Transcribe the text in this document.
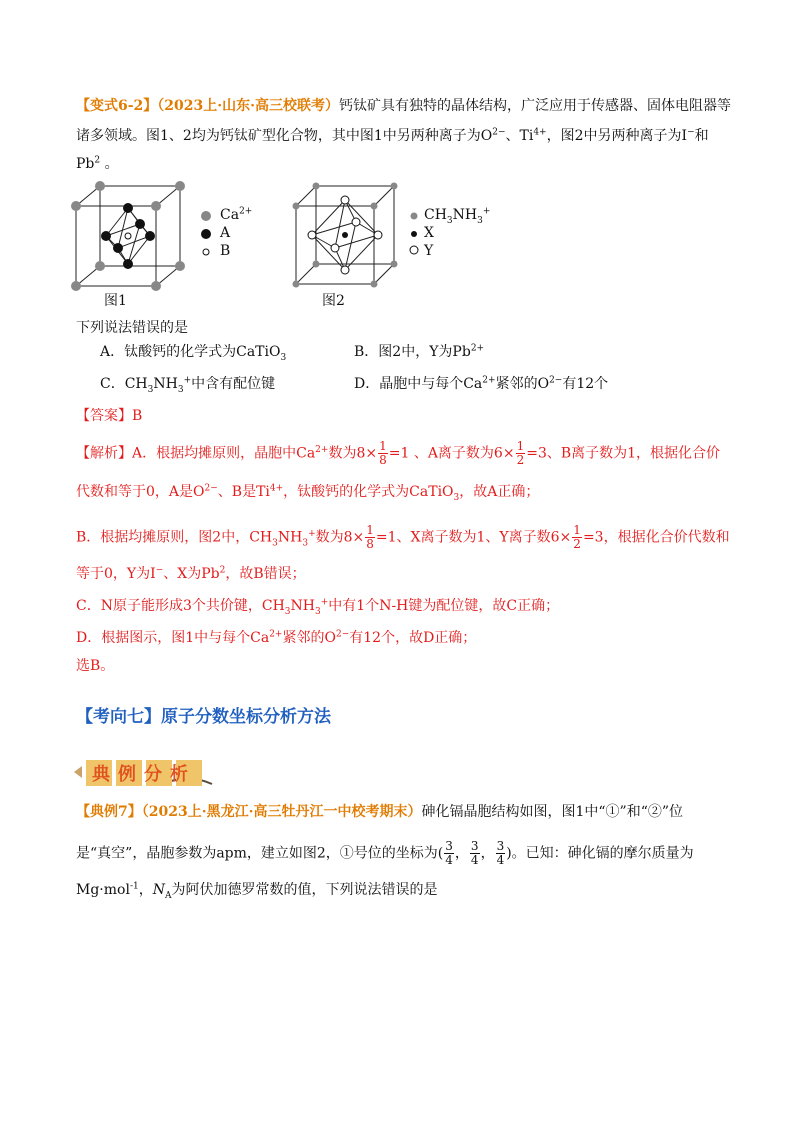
【变式6-2】（2023上·山东·高三校联考）钙钛矿具有独特的晶体结构，广泛应用于传感器、固体电阻器等
诸多领域。图1、2均为钙钛矿型化合物，其中图1中另两种离子为$O^{2-}$、$Ti^{4+}$，图2中另两种离子为I−和
Pb$^2$ 。
$Ca^{2+}$
A
B
图1
$CH_3NH_3^+$
X
Y
图2
下列说法错误的是
A．钛酸钙的化学式为CaTiO$_3$	B．图2中，Y为$Pb^{2+}$
C．$CH_3NH_3^+$中含有配位键	D．晶胞中与每个$Ca^{2+}$紧邻的$O^{2-}$有12个
【答案】B
【解析】A．根据均摊原则，晶胞中$Ca^{2+}$数为$8\times \frac{1}{8} =1$ 、A离子数为$6\times \frac{1}{2} =3$、B离子数为1，根据化合价
代数和等于0，A是$O^{2-}$、B是$Ti^{4+}$，钛酸钙的化学式为CaTiO$_3$，故A正确；
B．根据均摊原则，图2中，$CH_3NH_3^+$数为$8\times \frac{1}{8} =1$、X离子数为1、Y离子数$6\times \frac{1}{2} =3$，根据化合价代数和
等于0，Y为I−、X为Pb$^2$，故B错误；
C．N原子能形成3个共价键，$CH_3NH_3^+$中有1个N-H键为配位键，故C正确；
D．根据图示，图1中与每个$Ca^{2+}$紧邻的$O^{2-}$有12个，故D正确；
选B。
【考向七】原子分数坐标分析方法
典例分析
【典例7】（2023上·黑龙江·高三牡丹江一中校考期末）砷化镉晶胞结构如图，图1中“①”和“②”位
是“真空”，晶胞参数为apm，建立如图2，①号位的坐标为( $\frac{3}{4}$ ， $\frac{3}{4}$ ， $\frac{3}{4}$ )。已知：砷化镉的摩尔质量为
Mg·mol$^{-1}$，$N_A$为阿伏加德罗常数的值，下列说法错误的是
